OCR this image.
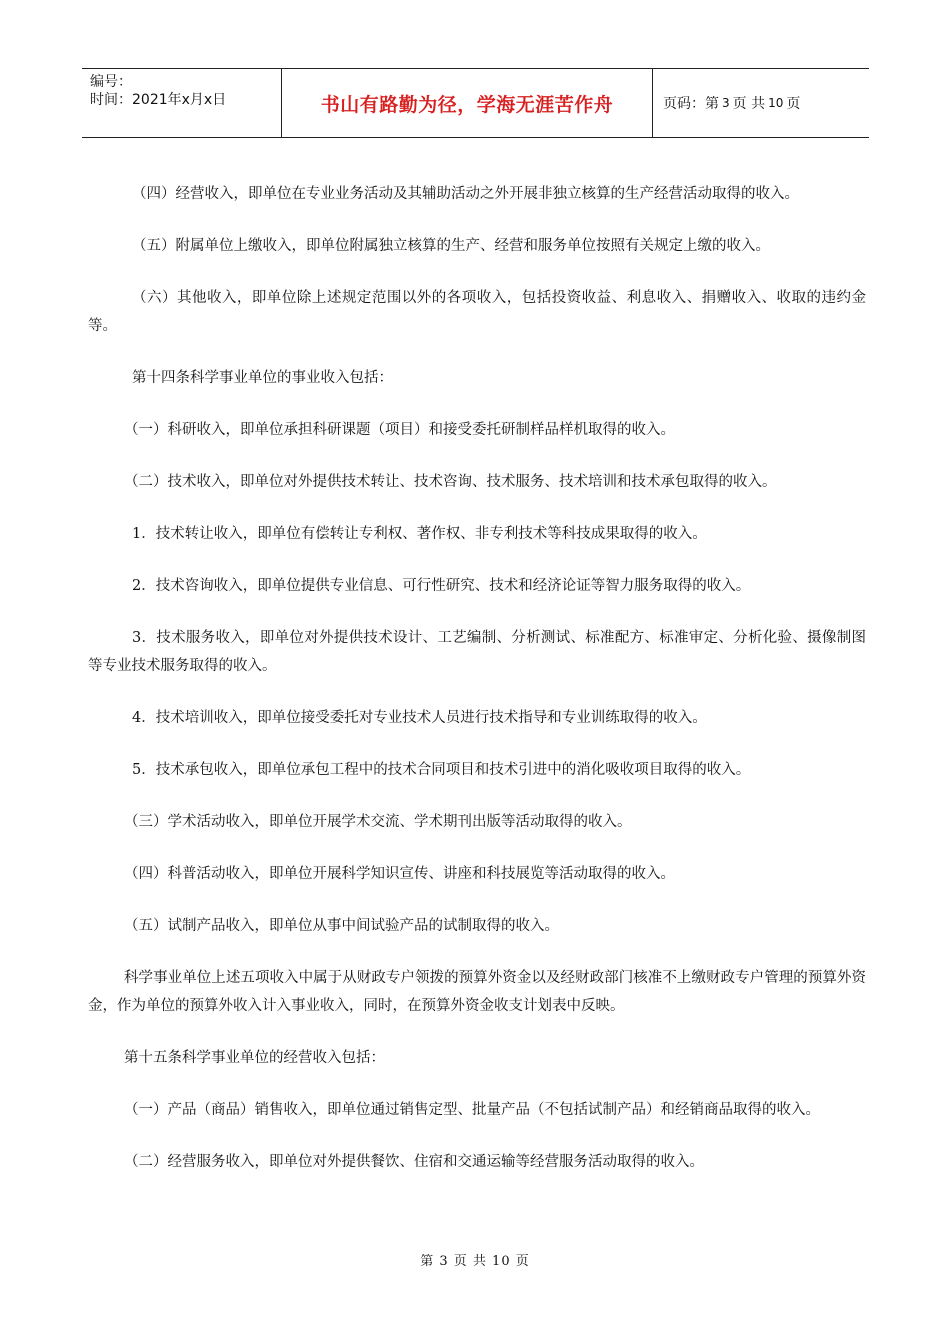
编号：
时间：2021年x月x日	书山有路勤为径，学海无涯苦作舟	页码：第 3 页 共 10 页

（四）经营收入，即单位在专业业务活动及其辅助活动之外开展非独立核算的生产经营活动取得的收入。

（五）附属单位上缴收入，即单位附属独立核算的生产、经营和服务单位按照有关规定上缴的收入。

（六）其他收入，即单位除上述规定范围以外的各项收入，包括投资收益、利息收入、捐赠收入、收取的违约金等。

第十四条科学事业单位的事业收入包括：

（一）科研收入，即单位承担科研课题（项目）和接受委托研制样品样机取得的收入。

（二）技术收入，即单位对外提供技术转让、技术咨询、技术服务、技术培训和技术承包取得的收入。

1．技术转让收入，即单位有偿转让专利权、著作权、非专利技术等科技成果取得的收入。

2．技术咨询收入，即单位提供专业信息、可行性研究、技术和经济论证等智力服务取得的收入。

3．技术服务收入，即单位对外提供技术设计、工艺编制、分析测试、标准配方、标准审定、分析化验、摄像制图等专业技术服务取得的收入。

4．技术培训收入，即单位接受委托对专业技术人员进行技术指导和专业训练取得的收入。

5．技术承包收入，即单位承包工程中的技术合同项目和技术引进中的消化吸收项目取得的收入。

（三）学术活动收入，即单位开展学术交流、学术期刊出版等活动取得的收入。

（四）科普活动收入，即单位开展科学知识宣传、讲座和科技展览等活动取得的收入。

（五）试制产品收入，即单位从事中间试验产品的试制取得的收入。

科学事业单位上述五项收入中属于从财政专户领拨的预算外资金以及经财政部门核准不上缴财政专户管理的预算外资金，作为单位的预算外收入计入事业收入，同时，在预算外资金收支计划表中反映。

第十五条科学事业单位的经营收入包括：

（一）产品（商品）销售收入，即单位通过销售定型、批量产品（不包括试制产品）和经销商品取得的收入。

（二）经营服务收入，即单位对外提供餐饮、住宿和交通运输等经营服务活动取得的收入。

第 3 页 共 10 页
